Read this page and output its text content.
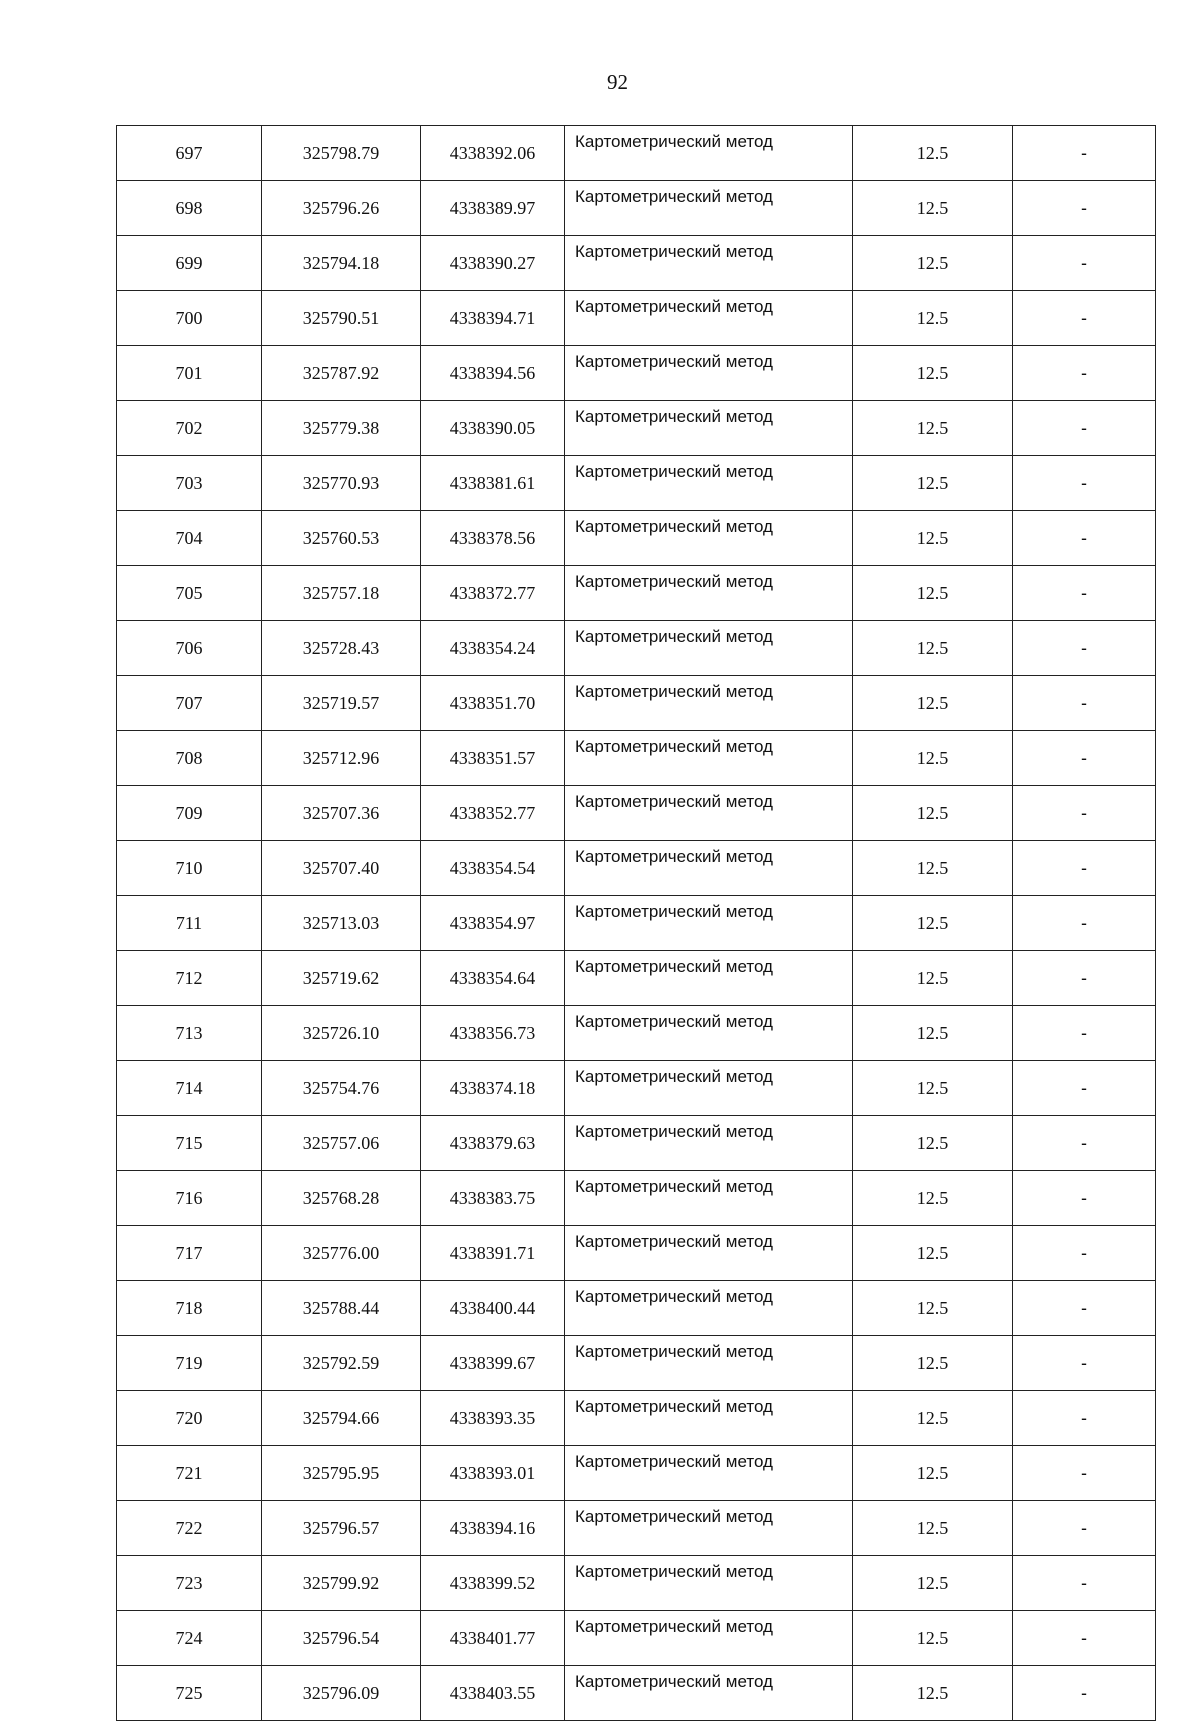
92
697	325798.79	4338392.06	Картометрический метод	12.5	-
698	325796.26	4338389.97	Картометрический метод	12.5	-
699	325794.18	4338390.27	Картометрический метод	12.5	-
700	325790.51	4338394.71	Картометрический метод	12.5	-
701	325787.92	4338394.56	Картометрический метод	12.5	-
702	325779.38	4338390.05	Картометрический метод	12.5	-
703	325770.93	4338381.61	Картометрический метод	12.5	-
704	325760.53	4338378.56	Картометрический метод	12.5	-
705	325757.18	4338372.77	Картометрический метод	12.5	-
706	325728.43	4338354.24	Картометрический метод	12.5	-
707	325719.57	4338351.70	Картометрический метод	12.5	-
708	325712.96	4338351.57	Картометрический метод	12.5	-
709	325707.36	4338352.77	Картометрический метод	12.5	-
710	325707.40	4338354.54	Картометрический метод	12.5	-
711	325713.03	4338354.97	Картометрический метод	12.5	-
712	325719.62	4338354.64	Картометрический метод	12.5	-
713	325726.10	4338356.73	Картометрический метод	12.5	-
714	325754.76	4338374.18	Картометрический метод	12.5	-
715	325757.06	4338379.63	Картометрический метод	12.5	-
716	325768.28	4338383.75	Картометрический метод	12.5	-
717	325776.00	4338391.71	Картометрический метод	12.5	-
718	325788.44	4338400.44	Картометрический метод	12.5	-
719	325792.59	4338399.67	Картометрический метод	12.5	-
720	325794.66	4338393.35	Картометрический метод	12.5	-
721	325795.95	4338393.01	Картометрический метод	12.5	-
722	325796.57	4338394.16	Картометрический метод	12.5	-
723	325799.92	4338399.52	Картометрический метод	12.5	-
724	325796.54	4338401.77	Картометрический метод	12.5	-
725	325796.09	4338403.55	Картометрический метод	12.5	-
